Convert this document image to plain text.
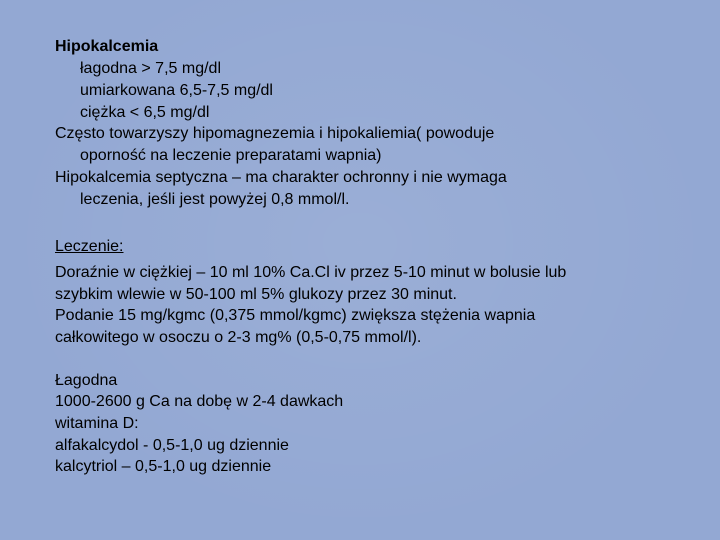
Hipokalcemia
łagodna > 7,5 mg/dl
umiarkowana 6,5-7,5 mg/dl
ciężka < 6,5 mg/dl
Często towarzyszy hipomagnezemia i hipokaliemia( powoduje
oporność na leczenie preparatami wapnia)
Hipokalcemia septyczna – ma charakter ochronny i nie wymaga
leczenia, jeśli jest powyżej 0,8 mmol/l.
Leczenie:
Doraźnie w ciężkiej – 10 ml 10% Ca.Cl iv przez 5-10 minut w bolusie lub
szybkim wlewie w 50-100 ml 5% glukozy przez 30 minut.
Podanie 15 mg/kgmc (0,375 mmol/kgmc) zwiększa stężenia wapnia
całkowitego w osoczu o 2-3 mg% (0,5-0,75 mmol/l).
Łagodna
1000-2600 g Ca na dobę w 2-4 dawkach
witamina D:
alfakalcydol - 0,5-1,0 ug dziennie
kalcytriol – 0,5-1,0 ug dziennie
